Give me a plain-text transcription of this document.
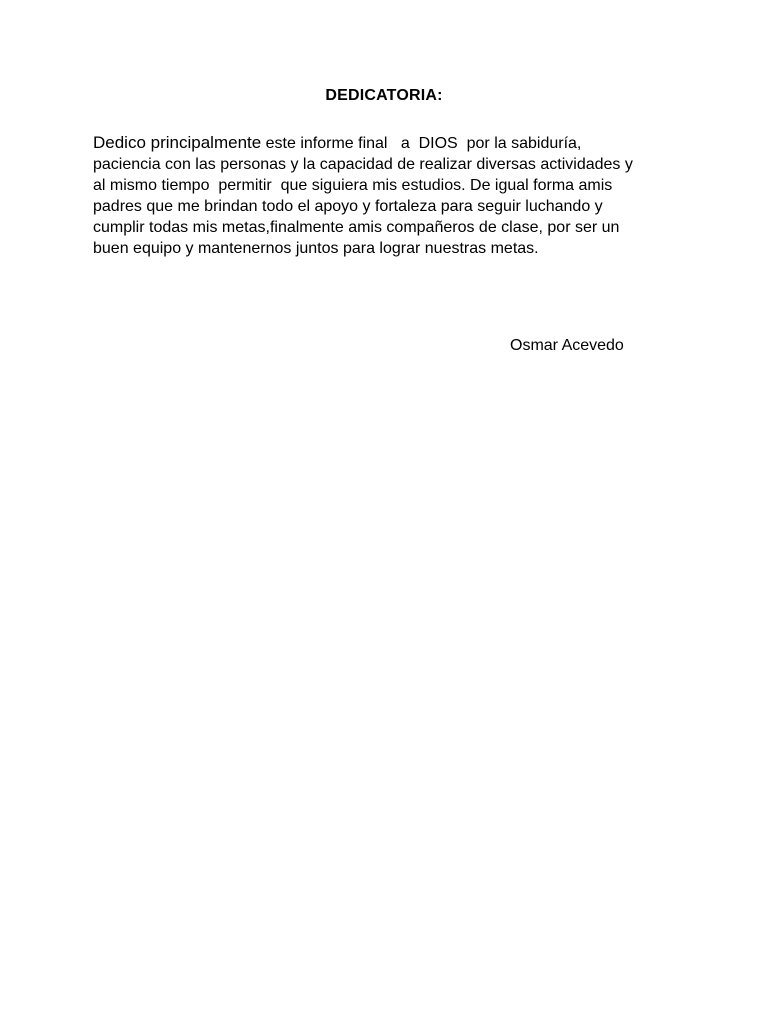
DEDICATORIA:
Dedico principalmente este informe final   a  DIOS  por la sabiduría,
paciencia con las personas y la capacidad de realizar diversas actividades y
al mismo tiempo  permitir  que siguiera mis estudios. De igual forma amis
padres que me brindan todo el apoyo y fortaleza para seguir luchando y
cumplir todas mis metas,finalmente amis compañeros de clase, por ser un
buen equipo y mantenernos juntos para lograr nuestras metas.
Osmar Acevedo
